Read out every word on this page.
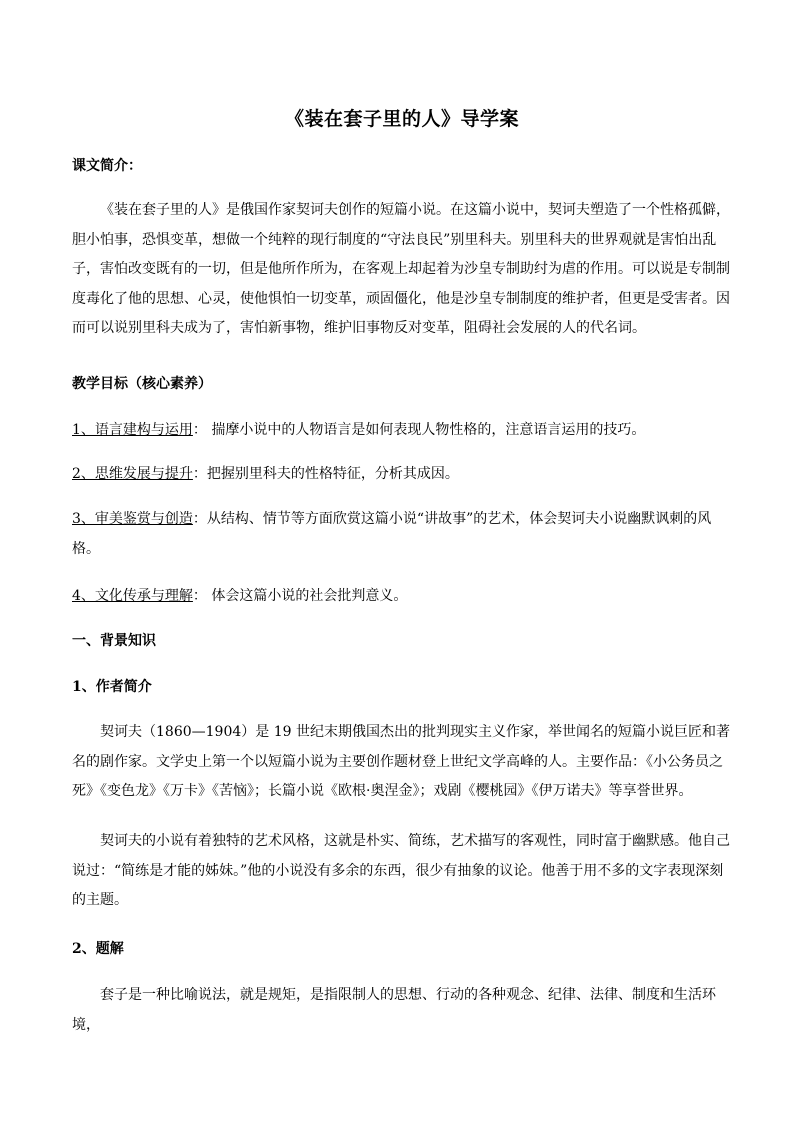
《装在套子里的人》导学案
课文简介：

《装在套子里的人》是俄国作家契诃夫创作的短篇小说。在这篇小说中，契诃夫塑造了一个性格孤僻，胆小怕事，恐惧变革，想做一个纯粹的现行制度的“守法良民”别里科夫。别里科夫的世界观就是害怕出乱子，害怕改变既有的一切，但是他所作所为，在客观上却起着为沙皇专制助纣为虐的作用。可以说是专制制度毒化了他的思想、心灵，使他惧怕一切变革，顽固僵化，他是沙皇专制制度的维护者，但更是受害者。因而可以说别里科夫成为了，害怕新事物，维护旧事物反对变革，阻碍社会发展的人的代名词。

教学目标（核心素养）

1、语言建构与运用： 揣摩小说中的人物语言是如何表现人物性格的，注意语言运用的技巧。

2、思维发展与提升：把握别里科夫的性格特征，分析其成因。

3、审美鉴赏与创造：从结构、情节等方面欣赏这篇小说“讲故事”的艺术，体会契诃夫小说幽默讽刺的风格。

4、文化传承与理解： 体会这篇小说的社会批判意义。

一、背景知识
1、作者简介

契诃夫（1860—1904）是 19 世纪末期俄国杰出的批判现实主义作家，举世闻名的短篇小说巨匠和著名的剧作家。文学史上第一个以短篇小说为主要创作题材登上世纪文学高峰的人。主要作品：《小公务员之死》《变色龙》《万卡》《苦恼》；长篇小说《欧根·奥涅金》；戏剧《樱桃园》《伊万诺夫》等享誉世界。

契诃夫的小说有着独特的艺术风格，这就是朴实、简练，艺术描写的客观性，同时富于幽默感。他自己说过：“简练是才能的姊妹。”他的小说没有多余的东西，很少有抽象的议论。他善于用不多的文字表现深刻的主题。

2、题解

套子是一种比喻说法，就是规矩，是指限制人的思想、行动的各种观念、纪律、法律、制度和生活环境，
